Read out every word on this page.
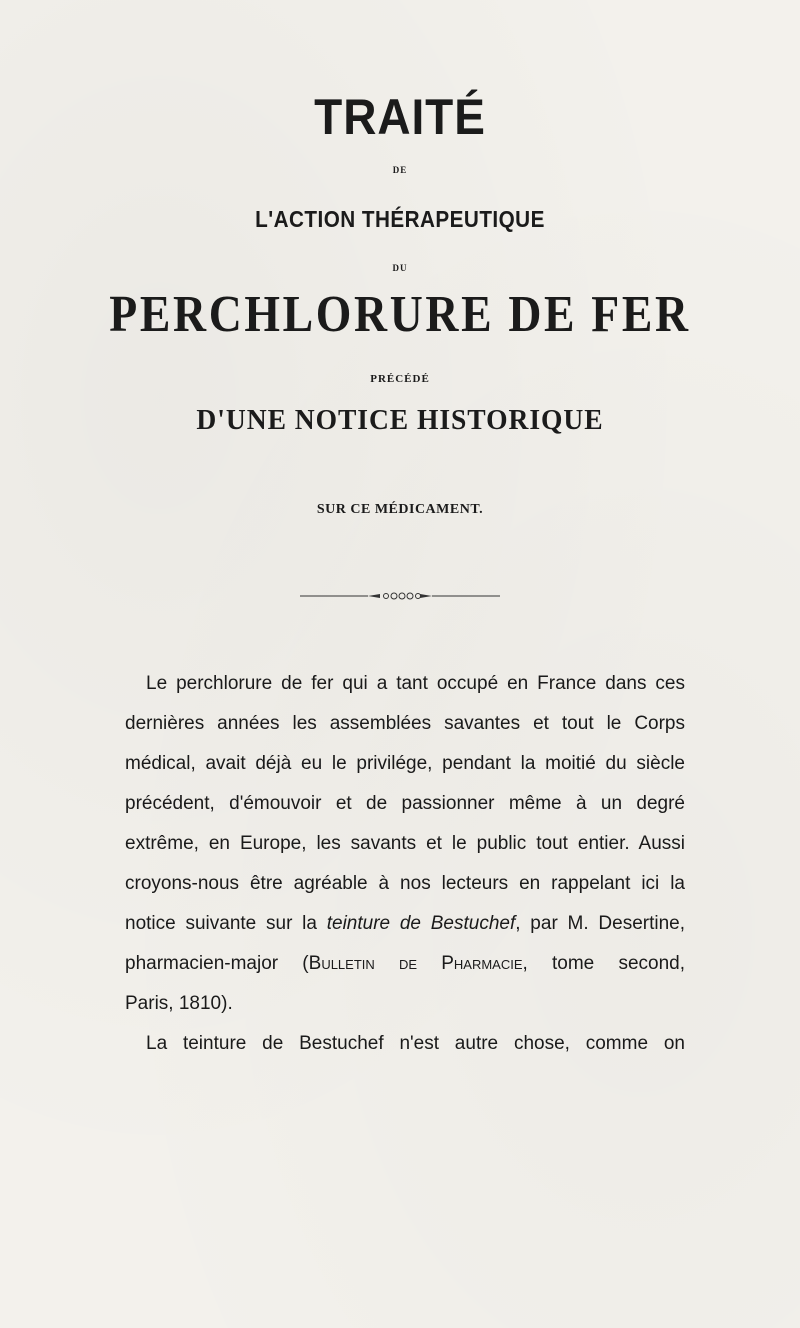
TRAITÉ
DE
L'ACTION THÉRAPEUTIQUE
DU
PERCHLORURE DE FER
PRÉCÉDÉ
D'UNE NOTICE HISTORIQUE
SUR CE MÉDICAMENT.
Le perchlorure de fer qui a tant occupé en France dans ces
dernières années les assemblées savantes et tout le Corps
médical, avait déjà eu le privilége, pendant la moitié du siècle
précédent, d'émouvoir et de passionner même à un degré
extrême, en Europe, les savants et le public tout entier. Aussi
croyons-nous être agréable à nos lecteurs en rappelant ici la
notice suivante sur la teinture de Bestuchef, par M. Desertine,
pharmacien-major (Bulletin de Pharmacie, tome second,
Paris, 1810).
La teinture de Bestuchef n'est autre chose, comme on
